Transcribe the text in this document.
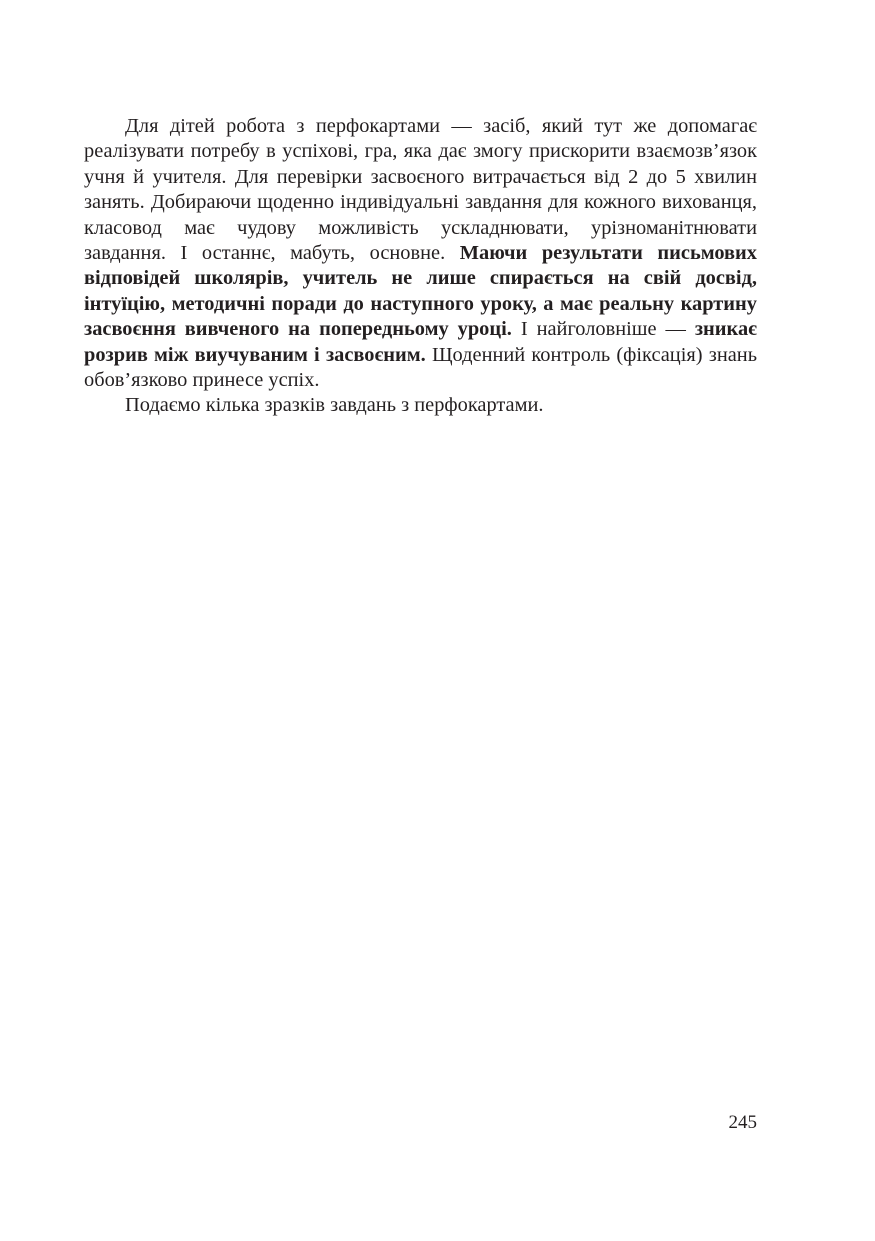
Для дітей робота з перфокартами — засіб, який тут же допомагає реалізувати потребу в успіхові, гра, яка дає змогу прискорити взаємозв’язок учня й учителя. Для перевірки засвоєного витрачається від 2 до 5 хвилин занять. Добираючи щоденно індивідуальні завдання для кожного вихованця, класовод має чудову можливість ускладнювати, урізноманітнювати завдання. І останнє, мабуть, основне. Маючи результати письмових відповідей школярів, учитель не лише спирається на свій досвід, інтуїцію, методичні поради до наступного уроку, а має реальну картину засвоєння вивченого на попередньому уроці. І найголовніше — зникає розрив між виучуваним і засвоєним. Щоденний контроль (фіксація) знань обов’язково принесе успіх.

Подаємо кілька зразків завдань з перфокартами.

245
